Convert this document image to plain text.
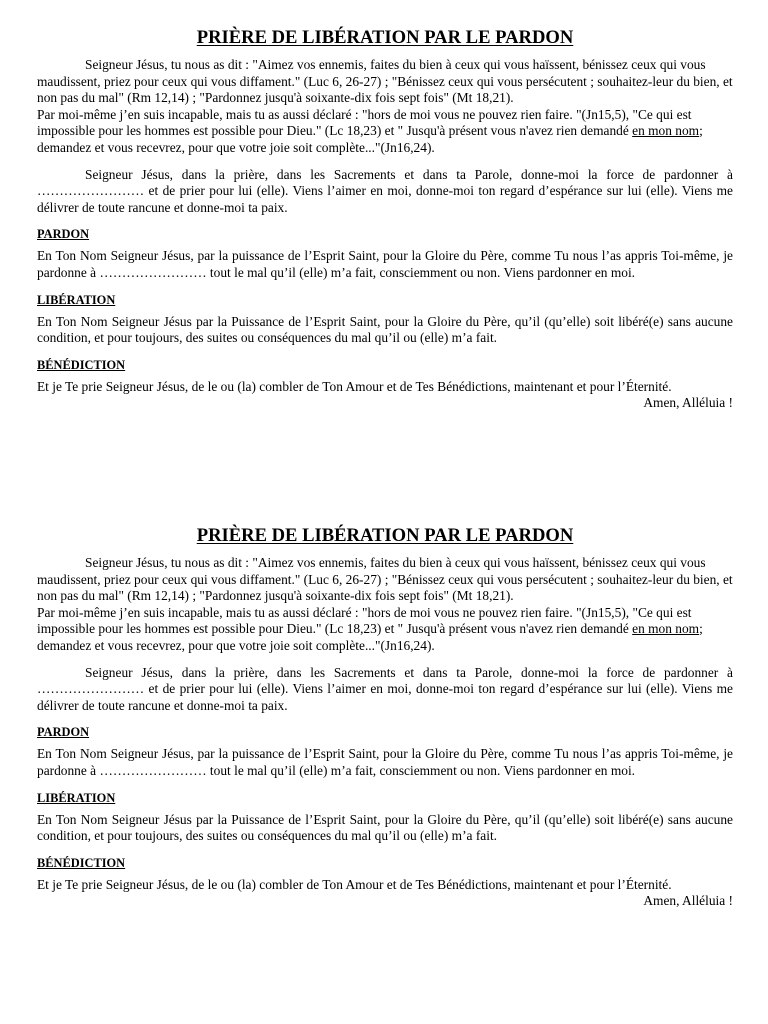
PRIÈRE DE LIBÉRATION PAR LE PARDON

Seigneur Jésus, tu nous as dit : "Aimez vos ennemis, faites du bien à ceux qui vous haïssent, bénissez ceux qui vous maudissent, priez pour ceux qui vous diffament." (Luc 6, 26-27) ; "Bénissez ceux qui vous persécutent ; souhaitez-leur du bien, et non pas du mal" (Rm 12,14) ; "Pardonnez jusqu'à soixante-dix fois sept fois" (Mt 18,21).

Par moi-même j’en suis incapable, mais tu as aussi déclaré : "hors de moi vous ne pouvez rien faire. "(Jn15,5), "Ce qui est impossible pour les hommes est possible pour Dieu." (Lc 18,23) et " Jusqu'à présent vous n'avez rien demandé en mon nom; demandez et vous recevrez, pour que votre joie soit complète..."(Jn16,24).

Seigneur Jésus, dans la prière, dans les Sacrements et dans ta Parole, donne-moi la force de pardonner à …………………… et de prier pour lui (elle). Viens l’aimer en moi, donne-moi ton regard d’espérance sur lui (elle). Viens me délivrer de toute rancune et donne-moi ta paix.

PARDON

En Ton Nom Seigneur Jésus, par la puissance de l’Esprit Saint, pour la Gloire du Père, comme Tu nous l’as appris Toi-même, je pardonne à …………………… tout le mal qu’il (elle) m’a fait, consciemment ou non. Viens pardonner en moi.

LIBÉRATION

En Ton Nom Seigneur Jésus par la Puissance de l’Esprit Saint, pour la Gloire du Père, qu’il (qu’elle) soit libéré(e) sans aucune condition, et pour toujours, des suites ou conséquences du mal qu’il ou (elle) m’a fait.

BÉNÉDICTION

Et je Te prie Seigneur Jésus, de le ou (la) combler de Ton Amour et de Tes Bénédictions, maintenant et pour l’Éternité.

Amen, Alléluia !

PRIÈRE DE LIBÉRATION PAR LE PARDON

Seigneur Jésus, tu nous as dit : "Aimez vos ennemis, faites du bien à ceux qui vous haïssent, bénissez ceux qui vous maudissent, priez pour ceux qui vous diffament." (Luc 6, 26-27) ; "Bénissez ceux qui vous persécutent ; souhaitez-leur du bien, et non pas du mal" (Rm 12,14) ; "Pardonnez jusqu'à soixante-dix fois sept fois" (Mt 18,21).

Par moi-même j’en suis incapable, mais tu as aussi déclaré : "hors de moi vous ne pouvez rien faire. "(Jn15,5), "Ce qui est impossible pour les hommes est possible pour Dieu." (Lc 18,23) et " Jusqu'à présent vous n'avez rien demandé en mon nom; demandez et vous recevrez, pour que votre joie soit complète..."(Jn16,24).

Seigneur Jésus, dans la prière, dans les Sacrements et dans ta Parole, donne-moi la force de pardonner à …………………… et de prier pour lui (elle). Viens l’aimer en moi, donne-moi ton regard d’espérance sur lui (elle). Viens me délivrer de toute rancune et donne-moi ta paix.

PARDON

En Ton Nom Seigneur Jésus, par la puissance de l’Esprit Saint, pour la Gloire du Père, comme Tu nous l’as appris Toi-même, je pardonne à …………………… tout le mal qu’il (elle) m’a fait, consciemment ou non. Viens pardonner en moi.

LIBÉRATION

En Ton Nom Seigneur Jésus par la Puissance de l’Esprit Saint, pour la Gloire du Père, qu’il (qu’elle) soit libéré(e) sans aucune condition, et pour toujours, des suites ou conséquences du mal qu’il ou (elle) m’a fait.

BÉNÉDICTION

Et je Te prie Seigneur Jésus, de le ou (la) combler de Ton Amour et de Tes Bénédictions, maintenant et pour l’Éternité.

Amen, Alléluia !
